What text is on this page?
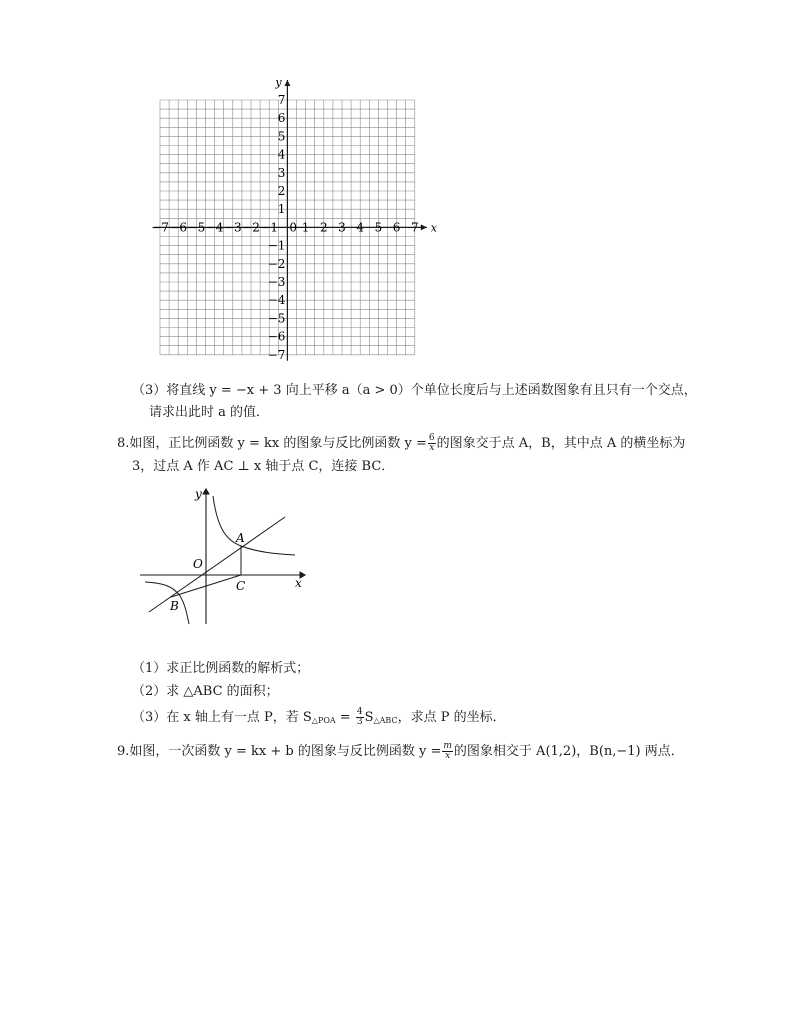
x
y
0
−7 −6 −5 −4 −3 −2 −1 1 2 3 4 5 6 7
7
6
5
4
3
2
1
−1
−2
−3
−4
−5
−6
−7
（3）将直线 y = −x + 3 向上平移 a（a > 0）个单位长度后与上述函数图象有且只有一个交点，
请求出此时 a 的值．
8.如图，正比例函数 y = kx 的图象与反比例函数 $y = \frac{6}{x}$ 的图象交于点 A，B，其中点 A 的横坐标为
3，过点 A 作 AC ⊥ x 轴于点 C，连接 BC．
y
x
O
A
B
C
（1）求正比例函数的解析式；
（2）求 △ABC 的面积；
（3）在 x 轴上有一点 P，若 $S_{\triangle POA} = \frac{4}{3} S_{\triangle ABC}$，求点 P 的坐标．
9.如图，一次函数 y = kx + b 的图象与反比例函数 $y = \frac{m}{x}$ 的图象相交于 A(1,2)，B(n,−1) 两点．
